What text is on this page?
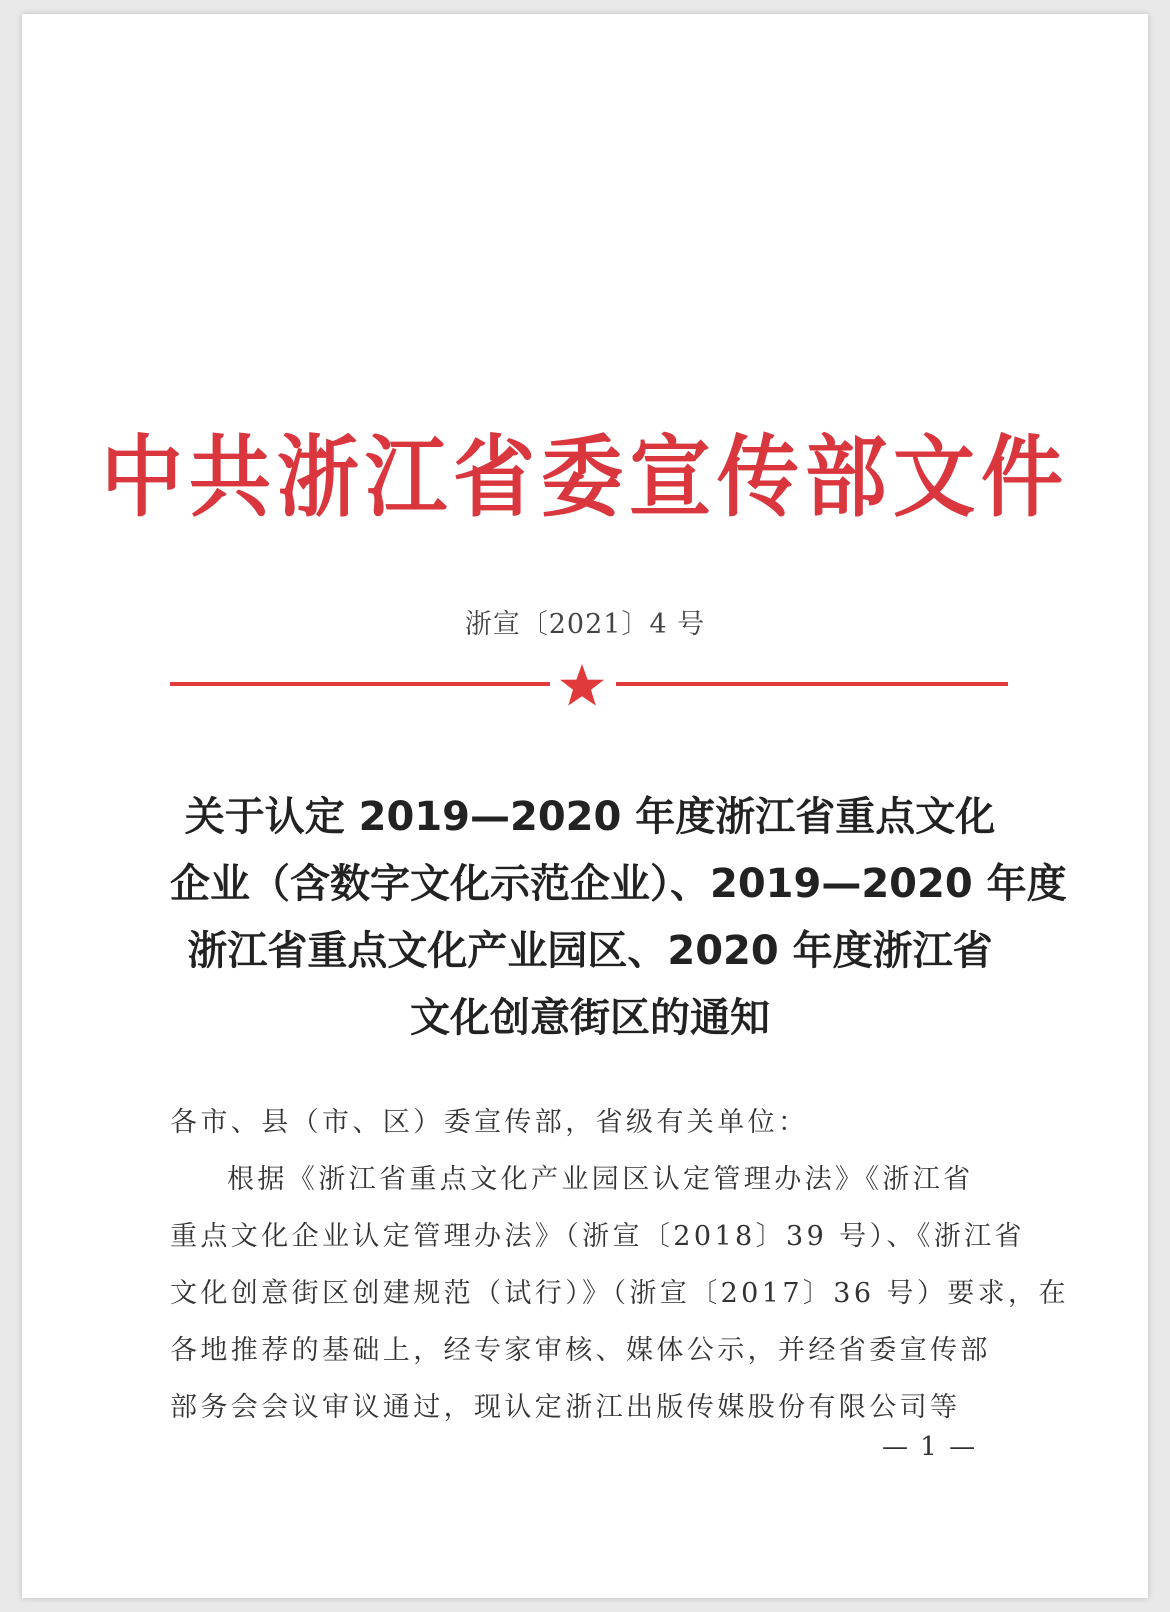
中共浙江省委宣传部文件
浙宣〔2021〕4 号
关于认定 2019—2020 年度浙江省重点文化
企业（含数字文化示范企业）、2019—2020 年度
浙江省重点文化产业园区、2020 年度浙江省
文化创意街区的通知
各市、县（市、区）委宣传部，省级有关单位：
根据《浙江省重点文化产业园区认定管理办法》《浙江省
重点文化企业认定管理办法》（浙宣〔2018〕39 号）、《浙江省
文化创意街区创建规范（试行）》（浙宣〔2017〕36 号）要求，在
各地推荐的基础上，经专家审核、媒体公示，并经省委宣传部
部务会会议审议通过，现认定浙江出版传媒股份有限公司等
— 1 —
